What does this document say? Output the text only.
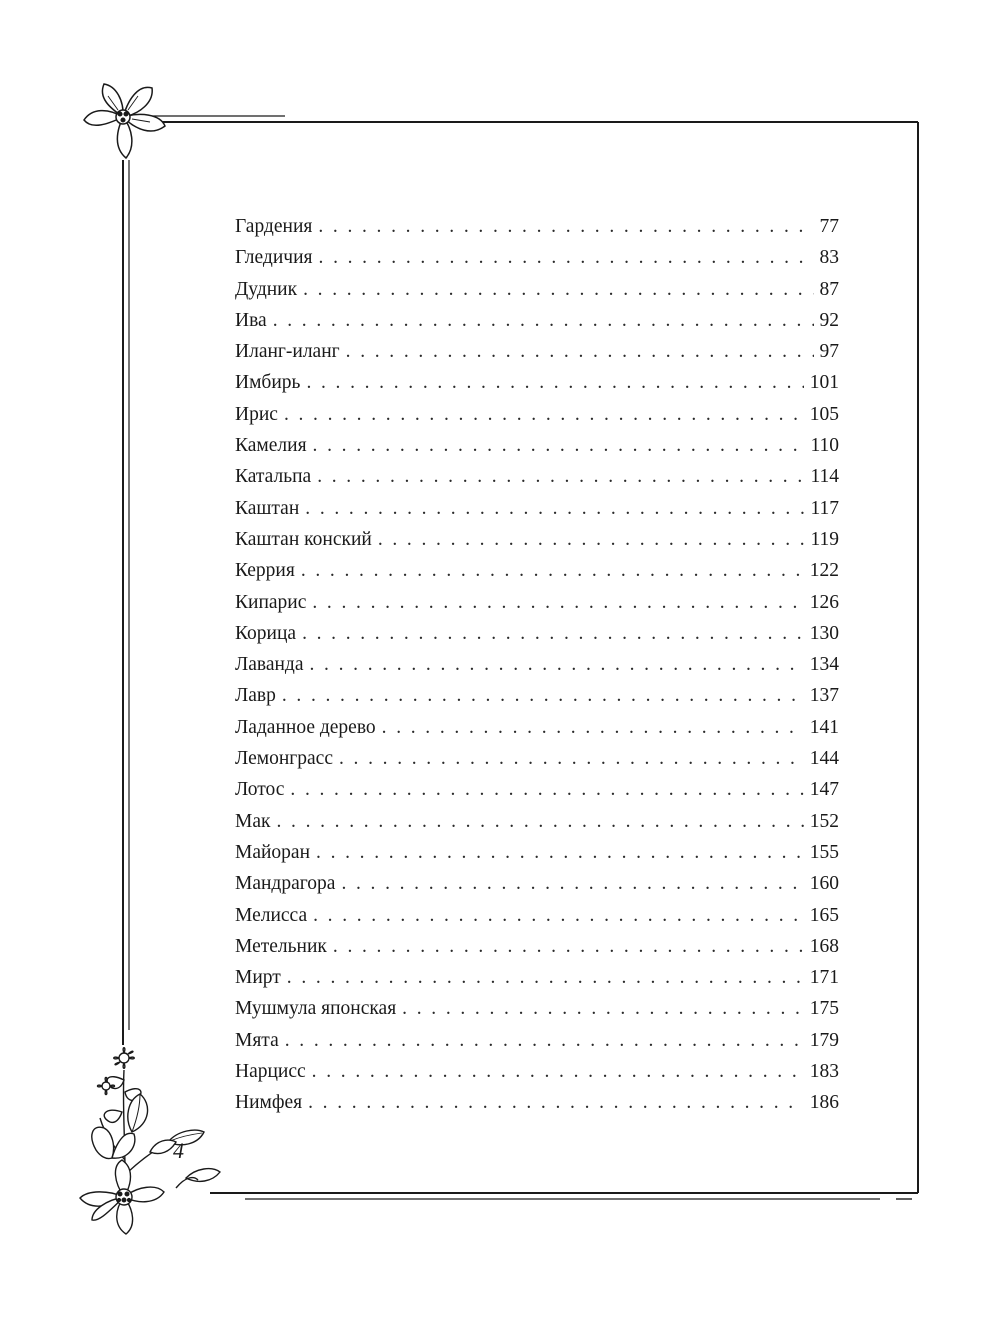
Гардения . . .	77
Гледичия . . .	83
Дудник . . .	87
Ива . . .	92
Иланг-иланг . . .	97
Имбирь . . .	101
Ирис . . .	105
Камелия . . .	110
Катальпа . . .	114
Каштан . . .	117
Каштан конский . . .	119
Керрия . . .	122
Кипарис . . .	126
Корица . . .	130
Лаванда . . .	134
Лавр . . .	137
Ладанное дерево . . .	141
Лемонграсс . . .	144
Лотос . . .	147
Мак . . .	152
Майоран . . .	155
Мандрагора . . .	160
Мелисса . . .	165
Метельник . . .	168
Мирт . . .	171
Мушмула японская . . .	175
Мята . . .	179
Нарцисс . . .	183
Нимфея . . .	186
4
